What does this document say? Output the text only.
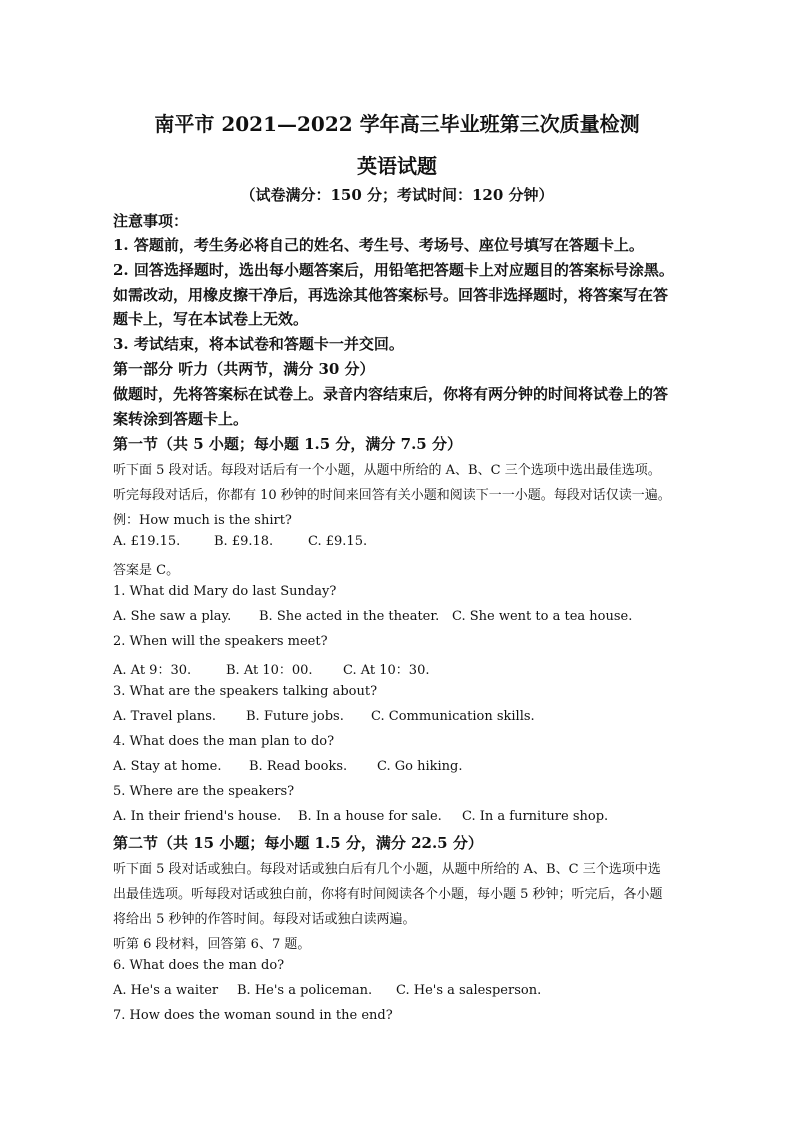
南平市 2021—2022 学年高三毕业班第三次质量检测
英语试题
（试卷满分：150 分；考试时间：120 分钟）
注意事项：
1. 答题前，考生务必将自己的姓名、考生号、考场号、座位号填写在答题卡上。
2. 回答选择题时，选出每小题答案后，用铅笔把答题卡上对应题目的答案标号涂黑。
如需改动，用橡皮擦干净后，再选涂其他答案标号。回答非选择题时，将答案写在答
题卡上，写在本试卷上无效。
3. 考试结束，将本试卷和答题卡一并交回。
第一部分 听力（共两节，满分 30 分）
做题时，先将答案标在试卷上。录音内容结束后，你将有两分钟的时间将试卷上的答
案转涂到答题卡上。
第一节（共 5 小题；每小题 1.5 分，满分 7.5 分）
听下面 5 段对话。每段对话后有一个小题，从题中所给的 A、B、C 三个选项中选出最佳选项。
听完每段对话后，你都有 10 秒钟的时间来回答有关小题和阅读下一一小题。每段对话仅读一遍。
例：How much is the shirt?
A. £19.15.	B. £9.18.	C. £9.15.
答案是 C。
1. What did Mary do last Sunday?
A. She saw a play. B. She acted in the theater. C. She went to a tea house.
2. When will the speakers meet?
A. At 9：30.	B. At 10：00. C. At 10：30.
3. What are the speakers talking about?
A. Travel plans. B. Future jobs. C. Communication skills.
4. What does the man plan to do?
A. Stay at home. B. Read books. C. Go hiking.
5. Where are the speakers?
A. In their friend's house. B. In a house for sale. C. In a furniture shop.
第二节（共 15 小题；每小题 1.5 分，满分 22.5 分）
听下面 5 段对话或独白。每段对话或独白后有几个小题，从题中所给的 A、B、C 三个选项中选
出最佳选项。听每段对话或独白前，你将有时间阅读各个小题，每小题 5 秒钟；听完后，各小题
将给出 5 秒钟的作答时间。每段对话或独白读两遍。
听第 6 段材料，回答第 6、7 题。
6. What does the man do?
A. He's a waiter B. He's a policeman. C. He's a salesperson.
7. How does the woman sound in the end?
